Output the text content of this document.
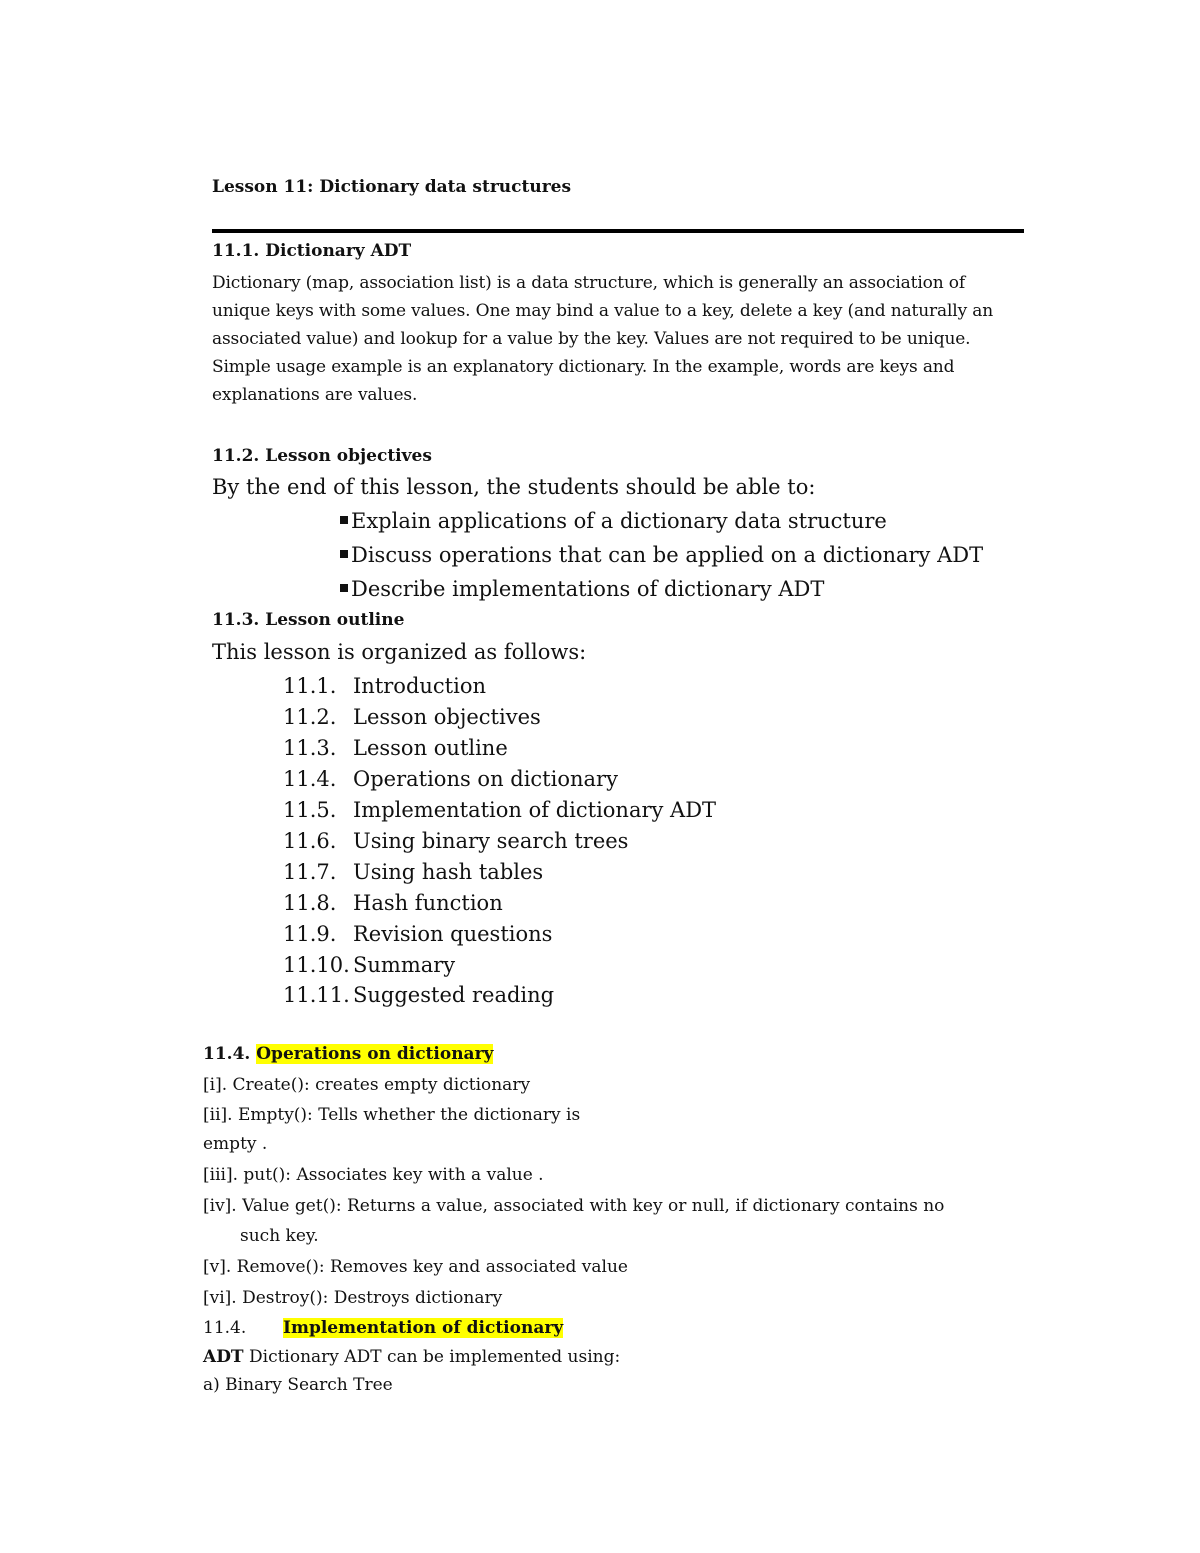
Lesson 11: Dictionary data structures
11.1. Dictionary ADT
Dictionary (map, association list) is a data structure, which is generally an association of
unique keys with some values. One may bind a value to a key, delete a key (and naturally an
associated value) and lookup for a value by the key. Values are not required to be unique.
Simple usage example is an explanatory dictionary. In the example, words are keys and
explanations are values.
11.2. Lesson objectives
By the end of this lesson, the students should be able to:
Explain applications of a dictionary data structure
Discuss operations that can be applied on a dictionary ADT
Describe implementations of dictionary ADT
11.3. Lesson outline
This lesson is organized as follows:
11.1. Introduction
11.2. Lesson objectives
11.3. Lesson outline
11.4. Operations on dictionary
11.5. Implementation of dictionary ADT
11.6. Using binary search trees
11.7. Using hash tables
11.8. Hash function
11.9. Revision questions
11.10. Summary
11.11. Suggested reading
11.4. Operations on dictionary
[i]. Create(): creates empty dictionary
[ii]. Empty(): Tells whether the dictionary is
empty .
[iii]. put(): Associates key with a value .
[iv]. Value get(): Returns a value, associated with key or null, if dictionary contains no
such key.
[v]. Remove(): Removes key and associated value
[vi]. Destroy(): Destroys dictionary
11.4. Implementation of dictionary
ADT Dictionary ADT can be implemented using:
a) Binary Search Tree
